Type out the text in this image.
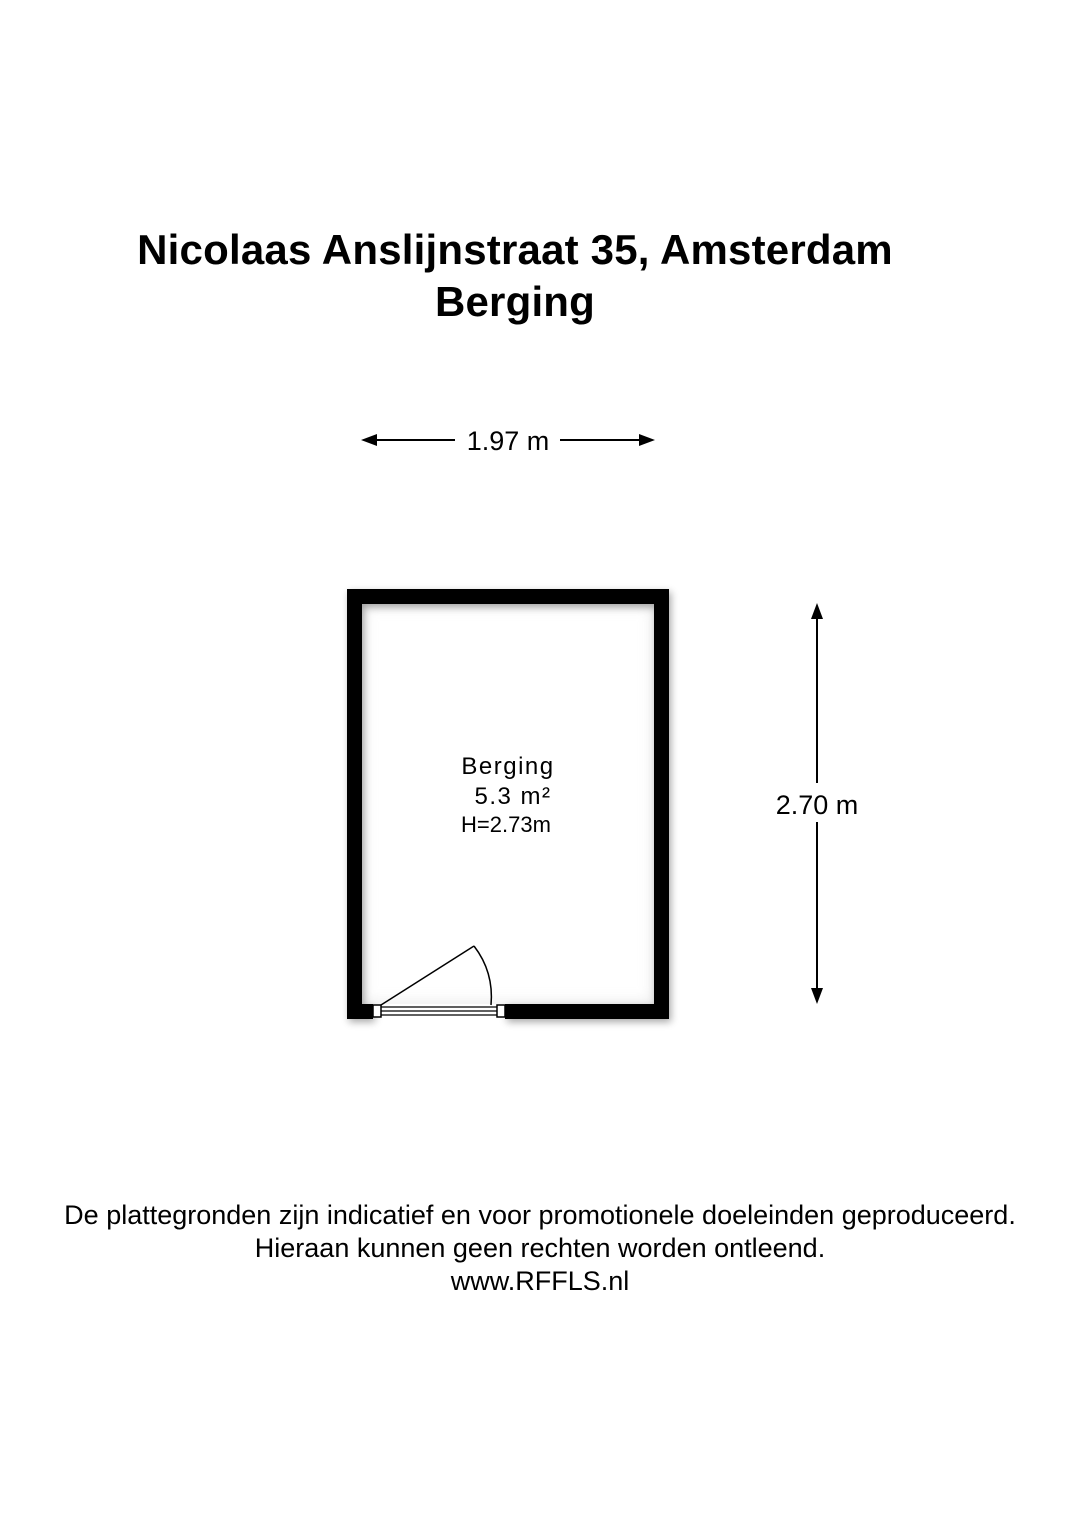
Nicolaas Anslijnstraat 35, Amsterdam
Berging
1.97 m
2.70 m
Berging
5.3 m²
H=2.73m
De plattegronden zijn indicatief en voor promotionele doeleinden geproduceerd.
Hieraan kunnen geen rechten worden ontleend.
www.RFFLS.nl
